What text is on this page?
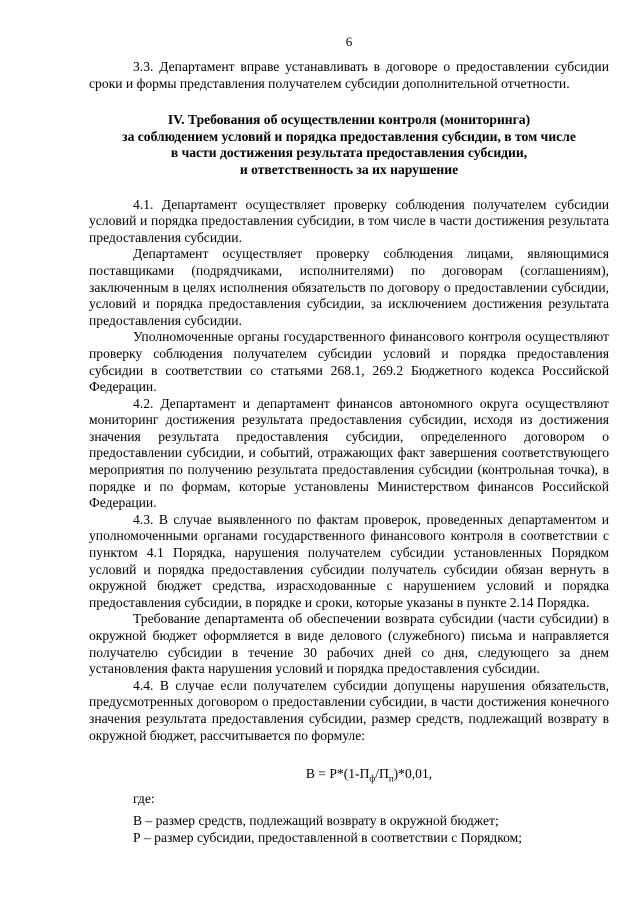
6

3.3. Департамент вправе устанавливать в договоре о предоставлении субсидии сроки и формы представления получателем субсидии дополнительной отчетности.

IV. Требования об осуществлении контроля (мониторинга)
за соблюдением условий и порядка предоставления субсидии, в том числе
в части достижения результата предоставления субсидии,
и ответственность за их нарушение

4.1. Департамент осуществляет проверку соблюдения получателем субсидии условий и порядка предоставления субсидии, в том числе в части достижения результата предоставления субсидии.

Департамент осуществляет проверку соблюдения лицами, являющимися поставщиками (подрядчиками, исполнителями) по договорам (соглашениям), заключенным в целях исполнения обязательств по договору о предоставлении субсидии, условий и порядка предоставления субсидии, за исключением достижения результата предоставления субсидии.

Уполномоченные органы государственного финансового контроля осуществляют проверку соблюдения получателем субсидии условий и порядка предоставления субсидии в соответствии со статьями 268.1, 269.2 Бюджетного кодекса Российской Федерации.

4.2. Департамент и департамент финансов автономного округа осуществляют мониторинг достижения результата предоставления субсидии, исходя из достижения значения результата предоставления субсидии, определенного договором о предоставлении субсидии, и событий, отражающих факт завершения соответствующего мероприятия по получению результата предоставления субсидии (контрольная точка), в порядке и по формам, которые установлены Министерством финансов Российской Федерации.

4.3. В случае выявленного по фактам проверок, проведенных департаментом и уполномоченными органами государственного финансового контроля в соответствии с пунктом 4.1 Порядка, нарушения получателем субсидии установленных Порядком условий и порядка предоставления субсидии получатель субсидии обязан вернуть в окружной бюджет средства, израсходованные с нарушением условий и порядка предоставления субсидии, в порядке и сроки, которые указаны в пункте 2.14 Порядка.

Требование департамента об обеспечении возврата субсидии (части субсидии) в окружной бюджет оформляется в виде делового (служебного) письма и направляется получателю субсидии в течение 30 рабочих дней со дня, следующего за днем установления факта нарушения условий и порядка предоставления субсидии.

4.4. В случае если получателем субсидии допущены нарушения обязательств, предусмотренных договором о предоставлении субсидии, в части достижения конечного значения результата предоставления субсидии, размер средств, подлежащий возврату в окружной бюджет, рассчитывается по формуле:

$В = Р*(1-П_ф/П_п)*0,01$,

где:

В – размер средств, подлежащий возврату в окружной бюджет;

Р – размер субсидии, предоставленной в соответствии с Порядком;
